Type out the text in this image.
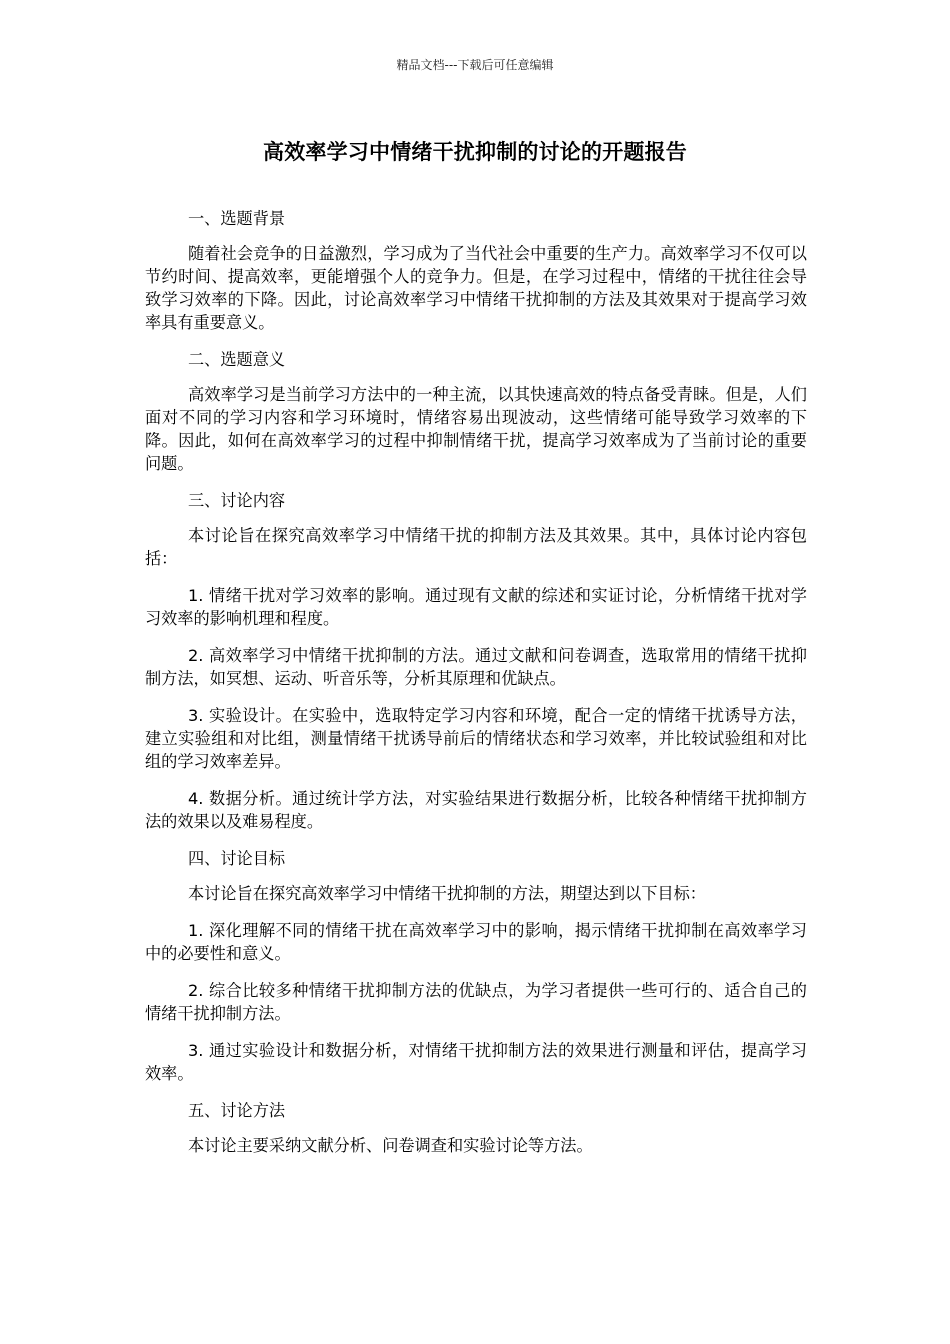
精品文档---下载后可任意编辑
高效率学习中情绪干扰抑制的讨论的开题报告

一、选题背景

随着社会竞争的日益激烈，学习成为了当代社会中重要的生产力。高效率学习不仅可以节约时间、提高效率，更能增强个人的竞争力。但是，在学习过程中，情绪的干扰往往会导致学习效率的下降。因此，讨论高效率学习中情绪干扰抑制的方法及其效果对于提高学习效率具有重要意义。

二、选题意义

高效率学习是当前学习方法中的一种主流，以其快速高效的特点备受青睐。但是，人们面对不同的学习内容和学习环境时，情绪容易出现波动，这些情绪可能导致学习效率的下降。因此，如何在高效率学习的过程中抑制情绪干扰，提高学习效率成为了当前讨论的重要问题。

三、讨论内容

本讨论旨在探究高效率学习中情绪干扰的抑制方法及其效果。其中，具体讨论内容包括：

1. 情绪干扰对学习效率的影响。通过现有文献的综述和实证讨论，分析情绪干扰对学习效率的影响机理和程度。

2. 高效率学习中情绪干扰抑制的方法。通过文献和问卷调查，选取常用的情绪干扰抑制方法，如冥想、运动、听音乐等，分析其原理和优缺点。

3. 实验设计。在实验中，选取特定学习内容和环境，配合一定的情绪干扰诱导方法，建立实验组和对比组，测量情绪干扰诱导前后的情绪状态和学习效率，并比较试验组和对比组的学习效率差异。

4. 数据分析。通过统计学方法，对实验结果进行数据分析，比较各种情绪干扰抑制方法的效果以及难易程度。

四、讨论目标

本讨论旨在探究高效率学习中情绪干扰抑制的方法，期望达到以下目标：

1. 深化理解不同的情绪干扰在高效率学习中的影响，揭示情绪干扰抑制在高效率学习中的必要性和意义。

2. 综合比较多种情绪干扰抑制方法的优缺点，为学习者提供一些可行的、适合自己的情绪干扰抑制方法。

3. 通过实验设计和数据分析，对情绪干扰抑制方法的效果进行测量和评估，提高学习效率。

五、讨论方法

本讨论主要采纳文献分析、问卷调查和实验讨论等方法。
